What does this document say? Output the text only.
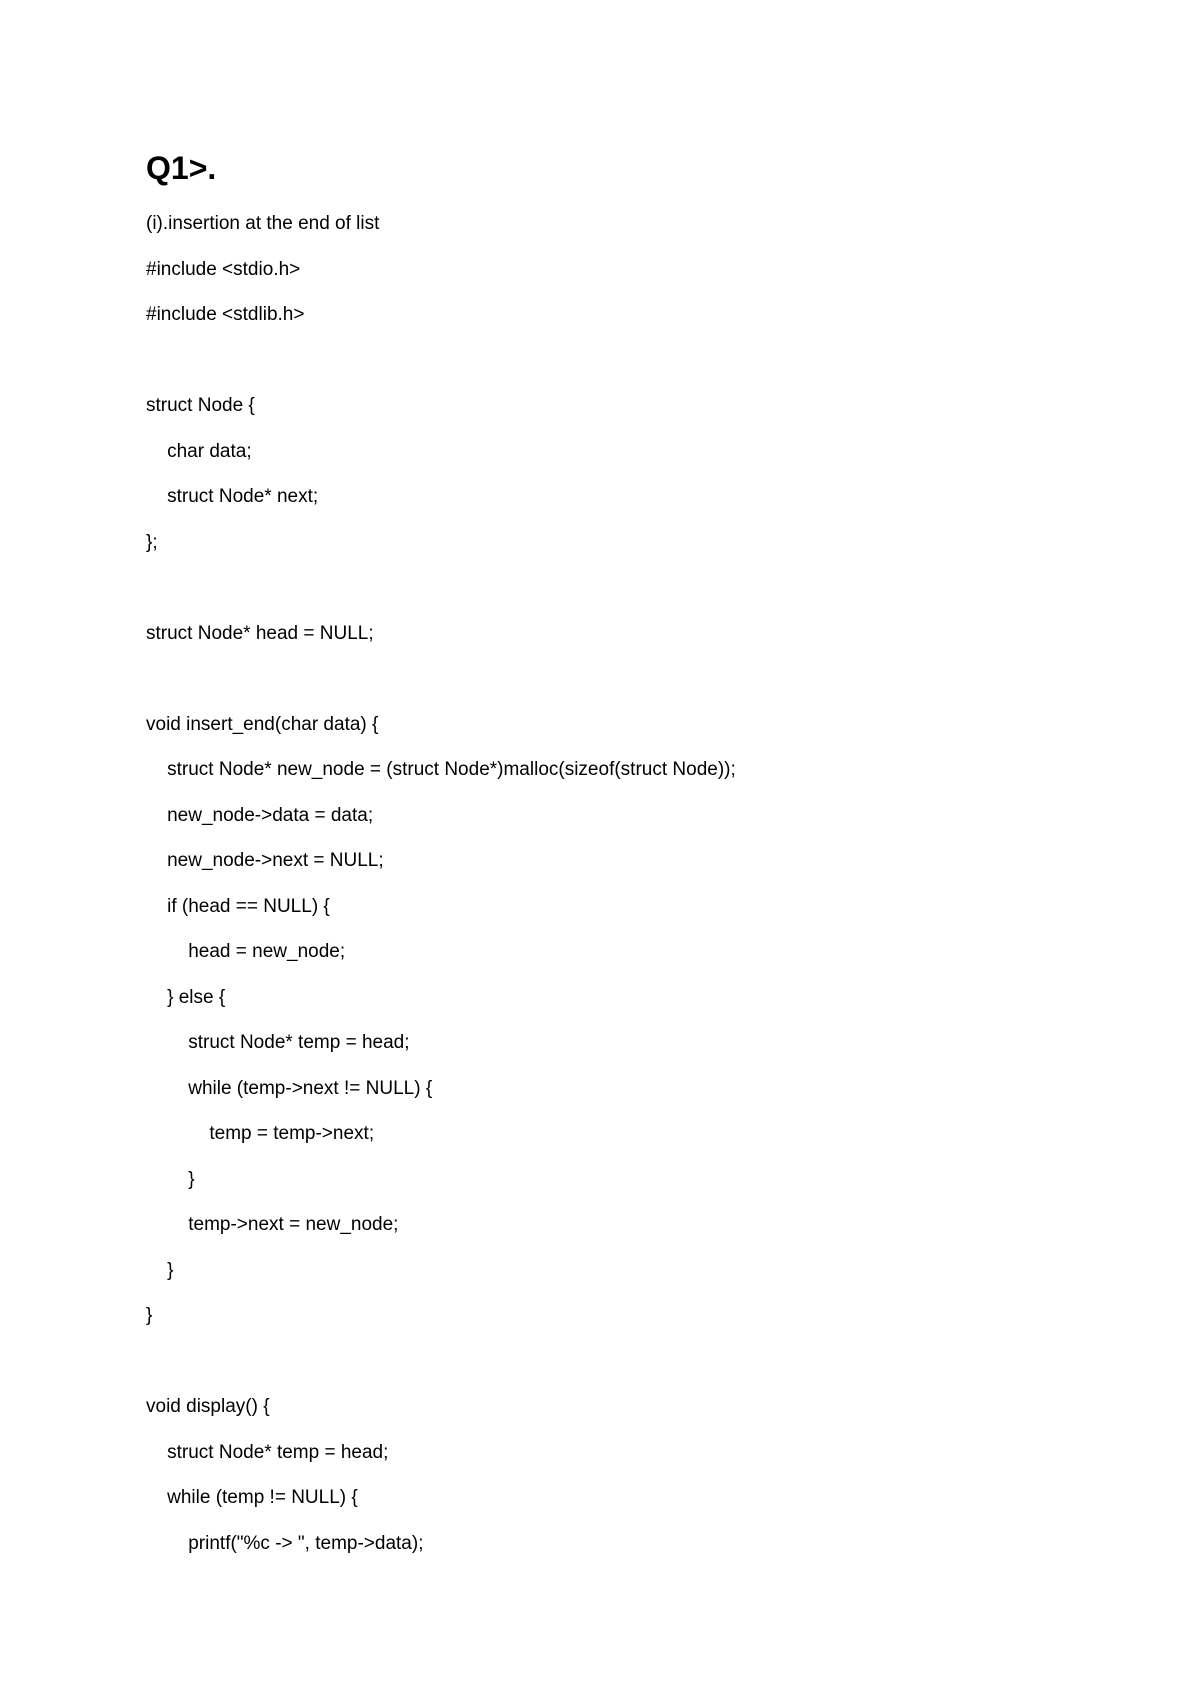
Q1>.
(i).insertion at the end of list
#include <stdio.h>
#include <stdlib.h>
struct Node {
char data;
struct Node* next;
};
struct Node* head = NULL;
void insert_end(char data) {
struct Node* new_node = (struct Node*)malloc(sizeof(struct Node));
new_node->data = data;
new_node->next = NULL;
if (head == NULL) {
head = new_node;
} else {
struct Node* temp = head;
while (temp->next != NULL) {
temp = temp->next;
}
temp->next = new_node;
}
}
void display() {
struct Node* temp = head;
while (temp != NULL) {
printf("%c -> ", temp->data);
